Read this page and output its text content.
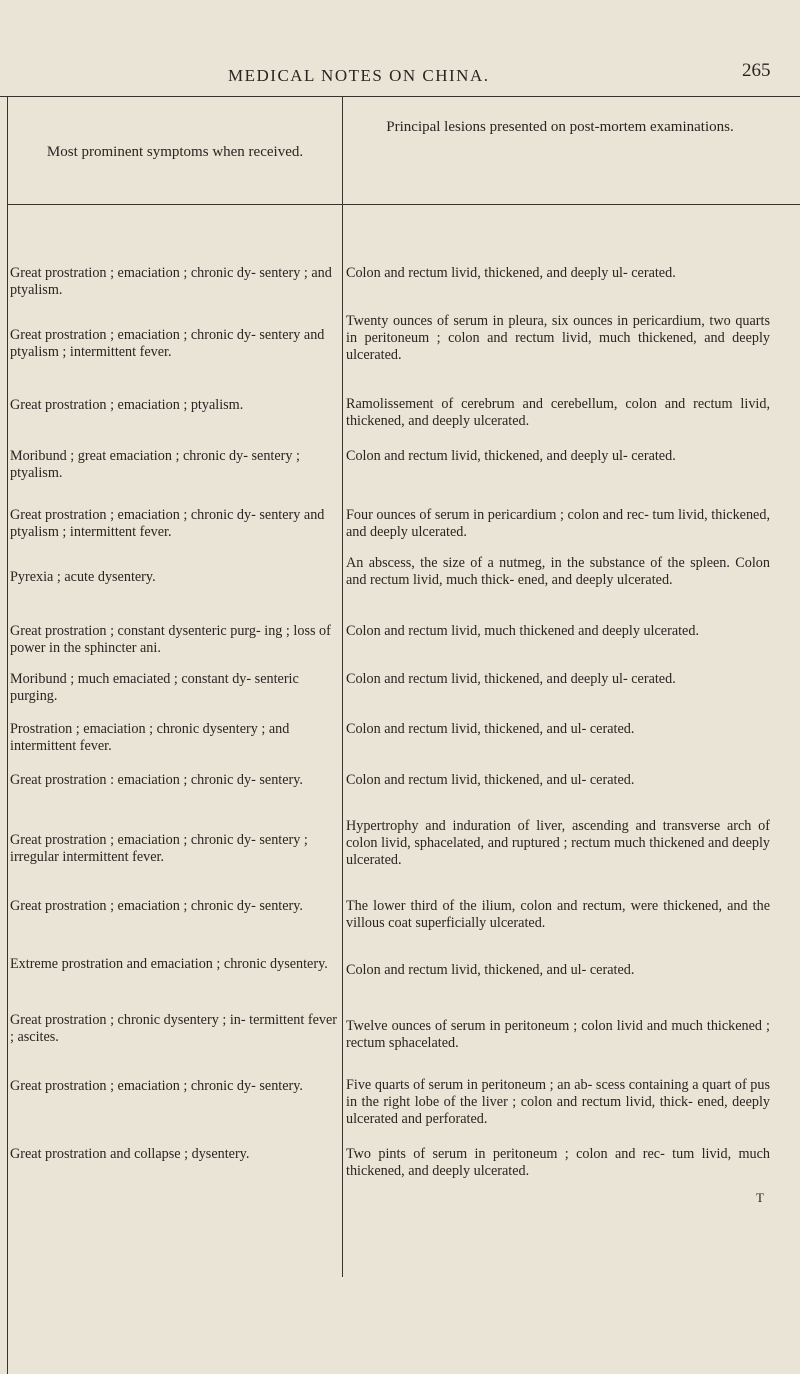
MEDICAL NOTES ON CHINA.	265
Most prominent symptoms when received.
Principal lesions presented on post-mortem examinations.
Great prostration ; emaciation ; chronic dy- sentery ; and ptyalism.
Great prostration ; emaciation ; chronic dy- sentery and ptyalism ; intermittent fever.
Great prostration ; emaciation ; ptyalism.
Moribund ; great emaciation ; chronic dy- sentery ; ptyalism.
Great prostration ; emaciation ; chronic dy- sentery and ptyalism ; intermittent fever.
Pyrexia ; acute dysentery.
Great prostration ; constant dysenteric purg- ing ; loss of power in the sphincter ani.
Moribund ; much emaciated ; constant dy- senteric purging.
Prostration ; emaciation ; chronic dysentery ; and intermittent fever.
Great prostration : emaciation ; chronic dy- sentery.
Great prostration ; emaciation ; chronic dy- sentery ; irregular intermittent fever.
Great prostration ; emaciation ; chronic dy- sentery.
Extreme prostration and emaciation ; chronic dysentery.
Great prostration ; chronic dysentery ; in- termittent fever ; ascites.
Great prostration ; emaciation ; chronic dy- sentery.
Great prostration and collapse ; dysentery.
Colon and rectum livid, thickened, and deeply ul- cerated.
Twenty ounces of serum in pleura, six ounces in pericardium, two quarts in peritoneum ; colon and rectum livid, much thickened, and deeply ulcerated.
Ramolissement of cerebrum and cerebellum, colon and rectum livid, thickened, and deeply ulcerated.
Colon and rectum livid, thickened, and deeply ul- cerated.
Four ounces of serum in pericardium ; colon and rec- tum livid, thickened, and deeply ulcerated.
An abscess, the size of a nutmeg, in the substance of the spleen. Colon and rectum livid, much thick- ened, and deeply ulcerated.
Colon and rectum livid, much thickened and deeply ulcerated.
Colon and rectum livid, thickened, and deeply ul- cerated.
Colon and rectum livid, thickened, and ul- cerated.
Colon and rectum livid, thickened, and ul- cerated.
Hypertrophy and induration of liver, ascending and transverse arch of colon livid, sphacelated, and ruptured ; rectum much thickened and deeply ulcerated.
The lower third of the ilium, colon and rectum, were thickened, and the villous coat superficially ulcerated.
Colon and rectum livid, thickened, and ul- cerated.
Twelve ounces of serum in peritoneum ; colon livid and much thickened ; rectum sphacelated.
Five quarts of serum in peritoneum ; an ab- scess containing a quart of pus in the right lobe of the liver ; colon and rectum livid, thick- ened, deeply ulcerated and perforated.
Two pints of serum in peritoneum ; colon and rec- tum livid, much thickened, and deeply ulcerated.
T
